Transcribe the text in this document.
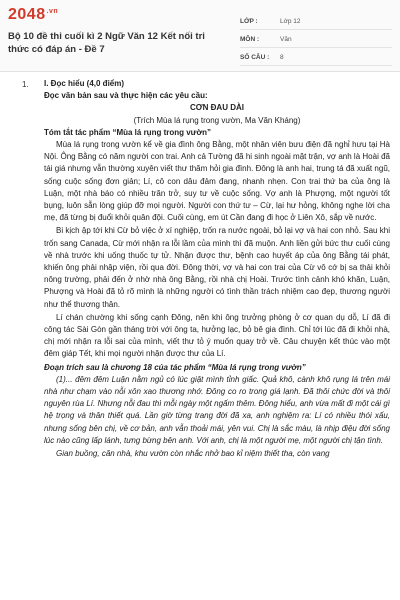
$2048^{.vn}$
Bộ 10 đề thi cuối kì 2 Ngữ Văn 12 Kết nối tri thức có đáp án - Đề 7
LỚP :	Lớp 12
MÔN :	Văn
SỐ CÂU :	8
1. I. Đọc hiểu (4,0 điểm)
Đọc văn bản sau và thực hiện các yêu cầu:
CƠN ĐAU DÀI
(Trích Mùa lá rụng trong vườn, Ma Văn Kháng)
Tóm tắt tác phẩm “Mùa lá rụng trong vườn”
Mùa lá rụng trong vườn kể về gia đình ông Bằng, một nhân viên bưu điện đã nghỉ hưu tại Hà Nội. Ông Bằng có năm người con trai. Anh cả Tường đã hi sinh ngoài mặt trận, vợ anh là Hoài đã tái giá nhưng vẫn thường xuyên viết thư thăm hỏi gia đình. Đông là anh hai, trung tá đã xuất ngũ, sống cuộc sống đơn giản; Lí, cô con dâu đảm đang, nhanh nhẹn. Con trai thứ ba của ông là Luận, một nhà báo có nhiều trăn trở, suy tư về cuộc sống. Vợ anh là Phượng, một người tốt bụng, luôn sẵn lòng giúp đỡ mọi người. Người con thứ tư – Cừ, lại hư hỏng, không nghe lời cha mẹ, đã từng bị đuổi khỏi quân đội. Cuối cùng, em út Cần đang đi học ở Liên Xô, sắp về nước.
Bi kịch ập tới khi Cừ bỏ việc ở xí nghiệp, trốn ra nước ngoài, bỏ lại vợ và hai con nhỏ. Sau khi trốn sang Canada, Cừ mới nhận ra lỗi lầm của mình thì đã muộn. Anh liền gửi bức thư cuối cùng về nhà trước khi uống thuốc tự tử. Nhận được thư, bệnh cao huyết áp của ông Bằng tái phát, khiến ông phải nhập viện, rồi qua đời. Đông thời, vợ và hai con trai của Cừ vô cớ bị sa thải khỏi nông trường, phải đến ở nhờ nhà ông Bằng, rồi nhà chị Hoài. Trước tình cảnh khó khăn, Luận, Phượng và Hoài đã tỏ rõ mình là những người có tình thần trách nhiệm cao đẹp, thương người như thể thương thân.
Lí chán chường khi sống cạnh Đông, nên khi ông trưởng phòng ở cơ quan dụ dỗ, Lí đã đi công tác Sài Gòn gần tháng trời với ông ta, hưởng lạc, bỏ bê gia đình. Chỉ tới lúc đã đi khỏi nhà, chị mới nhận ra lỗi sai của mình, viết thư tỏ ý muốn quay trở về. Câu chuyện kết thúc vào một đêm giáp Tết, khi mọi người nhận được thư của Lí.
Đoạn trích sau là chương 18 của tác phẩm “Mùa lá rụng trong vườn”
(1)... đêm đêm Luận nằm ngủ có lúc giật mình tỉnh giấc. Quả khô, cành khô rụng lá trên mái nhà như chạm vào nỗi xôn xao thương nhớ. Đông co ro trong giá lạnh. Đã thôi chức đời và thôi nguyên rùa Lí. Nhưng nỗi đau thì mỗi ngày một ngấm thêm. Đông hiểu, anh vừa mất đi một cái gì hệ trọng và thân thiết quá. Lần giờ từng trang đời đã xa, anh nghiệm ra: Lí có nhiều thói xấu, nhưng sống bên chị, về cơ bản, anh vẫn thoải mái, yên vui. Chị là sắc màu, là nhịp điệu đời sống lúc nào cũng lấp lánh, tưng bừng bên anh. Với anh, chị là một người mẹ, một người chị tận tình.
Gian buồng, căn nhà, khu vườn còn nhắc nhở bao kỉ niệm thiết tha, còn vang
